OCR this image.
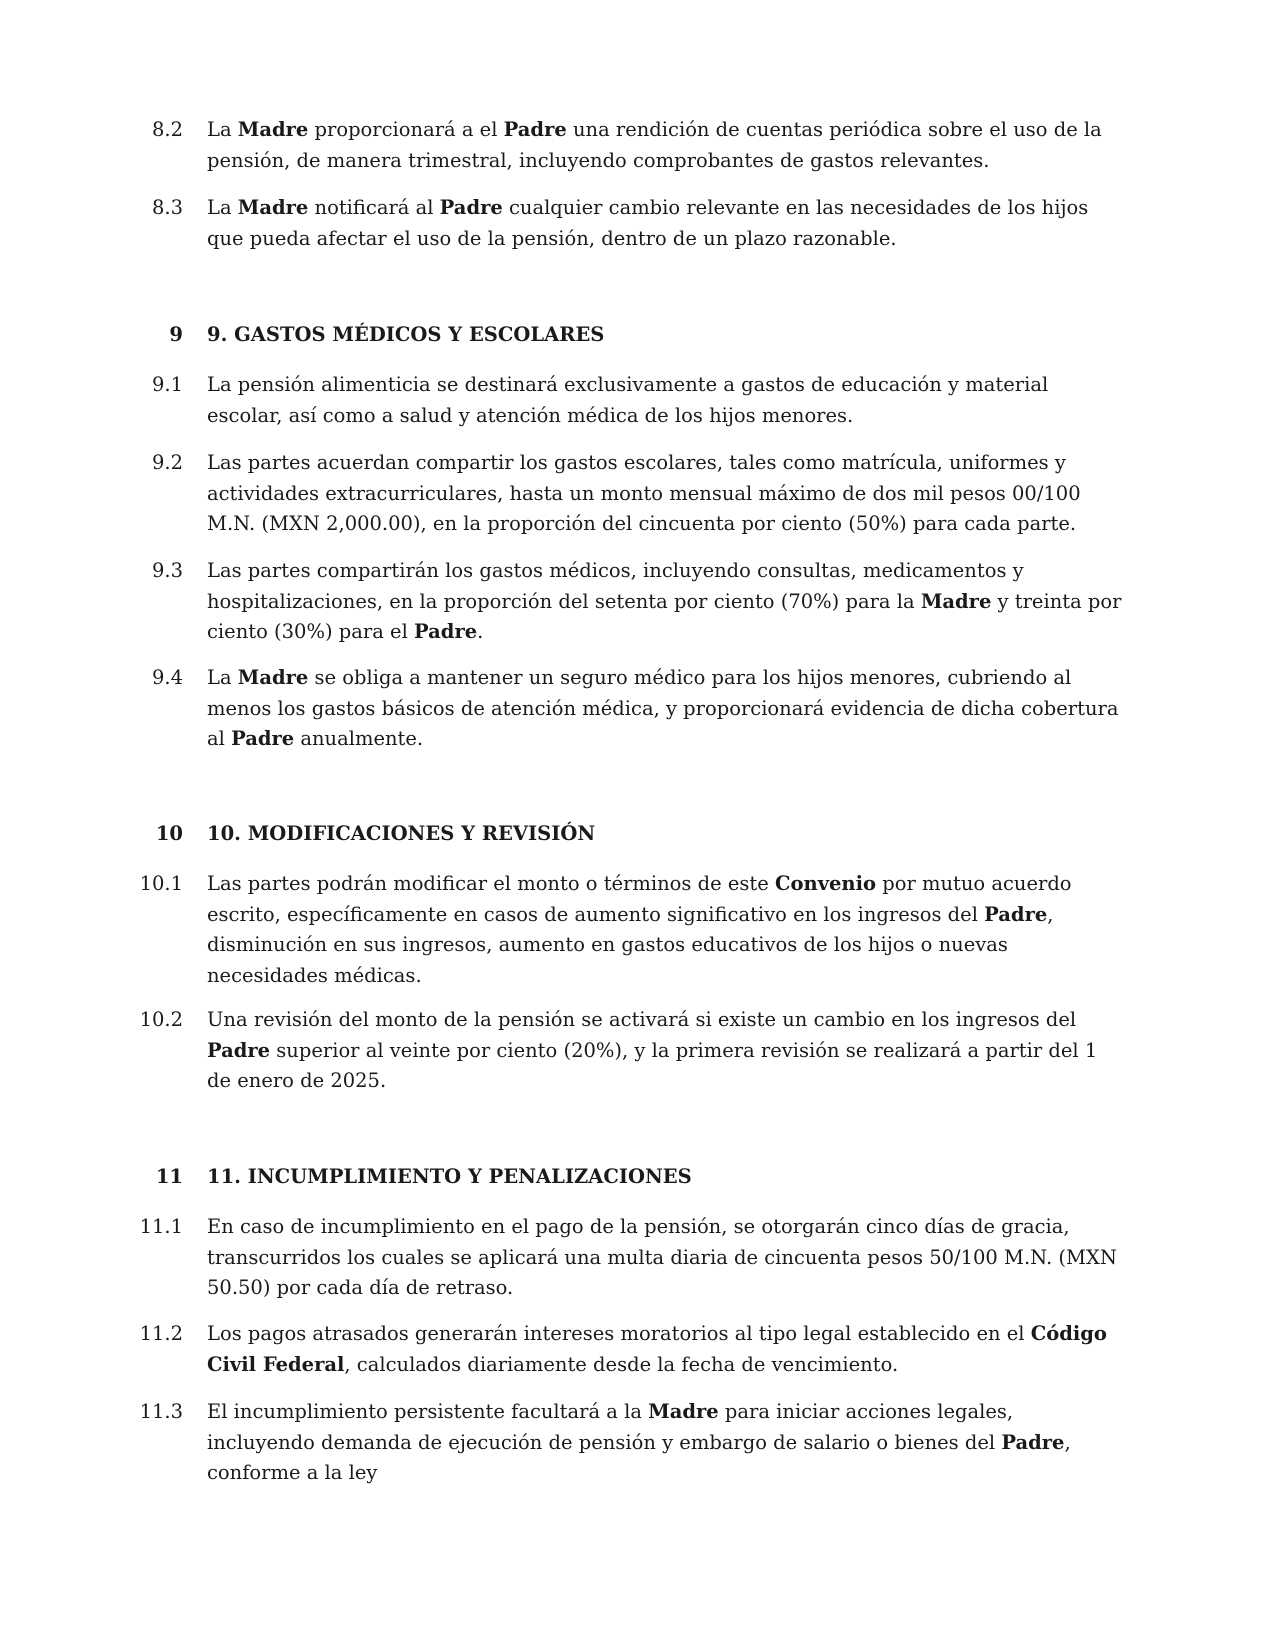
8.2 La Madre proporcionará a el Padre una rendición de cuentas periódica sobre el uso de la pensión, de manera trimestral, incluyendo comprobantes de gastos relevantes.
8.3 La Madre notificará al Padre cualquier cambio relevante en las necesidades de los hijos que pueda afectar el uso de la pensión, dentro de un plazo razonable.
9 9. GASTOS MÉDICOS Y ESCOLARES
9.1 La pensión alimenticia se destinará exclusivamente a gastos de educación y material escolar, así como a salud y atención médica de los hijos menores.
9.2 Las partes acuerdan compartir los gastos escolares, tales como matrícula, uniformes y actividades extracurriculares, hasta un monto mensual máximo de dos mil pesos 00/100 M.N. (MXN 2,000.00), en la proporción del cincuenta por ciento (50%) para cada parte.
9.3 Las partes compartirán los gastos médicos, incluyendo consultas, medicamentos y hospitalizaciones, en la proporción del setenta por ciento (70%) para la Madre y treinta por ciento (30%) para el Padre.
9.4 La Madre se obliga a mantener un seguro médico para los hijos menores, cubriendo al menos los gastos básicos de atención médica, y proporcionará evidencia de dicha cobertura al Padre anualmente.
10 10. MODIFICACIONES Y REVISIÓN
10.1 Las partes podrán modificar el monto o términos de este Convenio por mutuo acuerdo escrito, específicamente en casos de aumento significativo en los ingresos del Padre, disminución en sus ingresos, aumento en gastos educativos de los hijos o nuevas necesidades médicas.
10.2 Una revisión del monto de la pensión se activará si existe un cambio en los ingresos del Padre superior al veinte por ciento (20%), y la primera revisión se realizará a partir del 1 de enero de 2025.
11 11. INCUMPLIMIENTO Y PENALIZACIONES
11.1 En caso de incumplimiento en el pago de la pensión, se otorgarán cinco días de gracia, transcurridos los cuales se aplicará una multa diaria de cincuenta pesos 50/100 M.N. (MXN 50.50) por cada día de retraso.
11.2 Los pagos atrasados generarán intereses moratorios al tipo legal establecido en el Código Civil Federal, calculados diariamente desde la fecha de vencimiento.
11.3 El incumplimiento persistente facultará a la Madre para iniciar acciones legales, incluyendo demanda de ejecución de pensión y embargo de salario o bienes del Padre, conforme a la ley
